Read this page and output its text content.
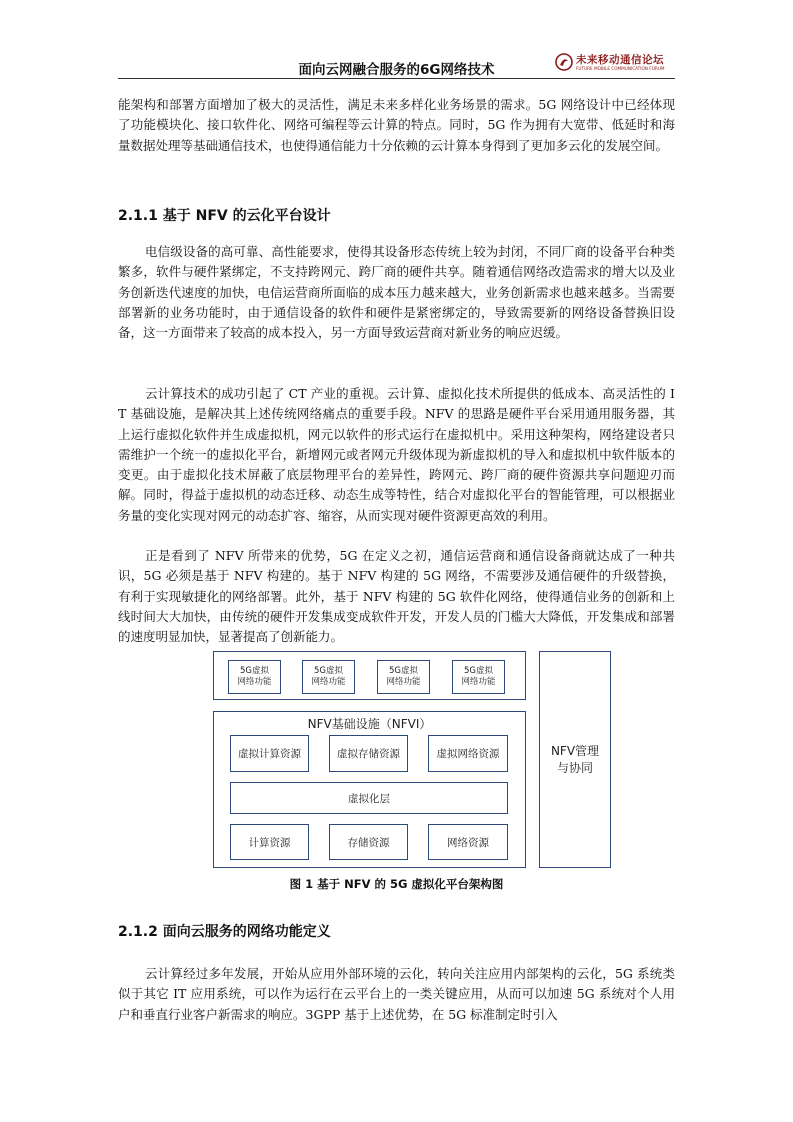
面向云网融合服务的6G网络技术
未来移动通信论坛
FUTURE MOBILE COMMUNICATION FORUM
能架构和部署方面增加了极大的灵活性，满足未来多样化业务场景的需求。5G 网络设计中已经体现了功能模块化、接口软件化、网络可编程等云计算的特点。同时，5G 作为拥有大宽带、低延时和海量数据处理等基础通信技术，也使得通信能力十分依赖的云计算本身得到了更加多云化的发展空间。
2.1.1 基于 NFV 的云化平台设计
电信级设备的高可靠、高性能要求，使得其设备形态传统上较为封闭，不同厂商的设备平台种类繁多，软件与硬件紧绑定，不支持跨网元、跨厂商的硬件共享。随着通信网络改造需求的增大以及业务创新迭代速度的加快，电信运营商所面临的成本压力越来越大，业务创新需求也越来越多。当需要部署新的业务功能时，由于通信设备的软件和硬件是紧密绑定的，导致需要新的网络设备替换旧设备，这一方面带来了较高的成本投入，另一方面导致运营商对新业务的响应迟缓。
云计算技术的成功引起了 CT 产业的重视。云计算、虚拟化技术所提供的低成本、高灵活性的 IT 基础设施，是解决其上述传统网络痛点的重要手段。NFV 的思路是硬件平台采用通用服务器，其上运行虚拟化软件并生成虚拟机，网元以软件的形式运行在虚拟机中。采用这种架构，网络建设者只需维护一个统一的虚拟化平台，新增网元或者网元升级体现为新虚拟机的导入和虚拟机中软件版本的变更。由于虚拟化技术屏蔽了底层物理平台的差异性，跨网元、跨厂商的硬件资源共享问题迎刃而解。同时，得益于虚拟机的动态迁移、动态生成等特性，结合对虚拟化平台的智能管理，可以根据业务量的变化实现对网元的动态扩容、缩容，从而实现对硬件资源更高效的利用。
正是看到了 NFV 所带来的优势，5G 在定义之初，通信运营商和通信设备商就达成了一种共识，5G 必须是基于 NFV 构建的。基于 NFV 构建的 5G 网络，不需要涉及通信硬件的升级替换，有利于实现敏捷化的网络部署。此外，基于 NFV 构建的 5G 软件化网络，使得通信业务的创新和上线时间大大加快，由传统的硬件开发集成变成软件开发，开发人员的门槛大大降低，开发集成和部署的速度明显加快，显著提高了创新能力。
5G虚拟
网络功能
5G虚拟
网络功能
5G虚拟
网络功能
5G虚拟
网络功能
NFV基础设施（NFVI）
虚拟计算资源	虚拟存储资源	虚拟网络资源
虚拟化层
计算资源	存储资源	网络资源
NFV管理
与协同
图 1 基于 NFV 的 5G 虚拟化平台架构图
2.1.2 面向云服务的网络功能定义
云计算经过多年发展，开始从应用外部环境的云化，转向关注应用内部架构的云化，5G 系统类似于其它 IT 应用系统，可以作为运行在云平台上的一类关键应用，从而可以加速 5G 系统对个人用户和垂直行业客户新需求的响应。3GPP 基于上述优势，在 5G 标准制定时引入
